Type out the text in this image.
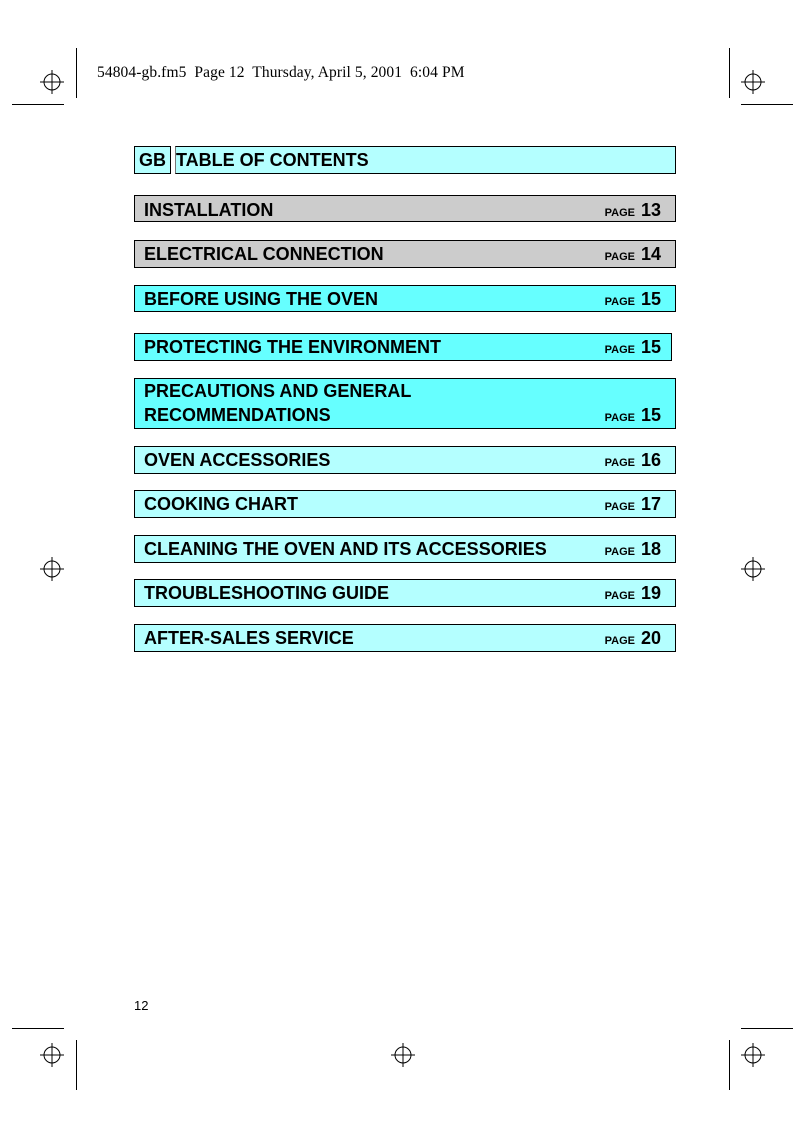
54804-gb.fm5  Page 12  Thursday, April 5, 2001  6:04 PM
GB TABLE OF CONTENTS
INSTALLATION	PAGE 13
ELECTRICAL CONNECTION	PAGE 14
BEFORE USING THE OVEN	PAGE 15
PROTECTING THE ENVIRONMENT	PAGE 15
PRECAUTIONS AND GENERAL
RECOMMENDATIONS	PAGE 15
OVEN ACCESSORIES	PAGE 16
COOKING CHART	PAGE 17
CLEANING THE OVEN AND ITS ACCESSORIES	PAGE 18
TROUBLESHOOTING GUIDE	PAGE 19
AFTER-SALES SERVICE	PAGE 20
12
